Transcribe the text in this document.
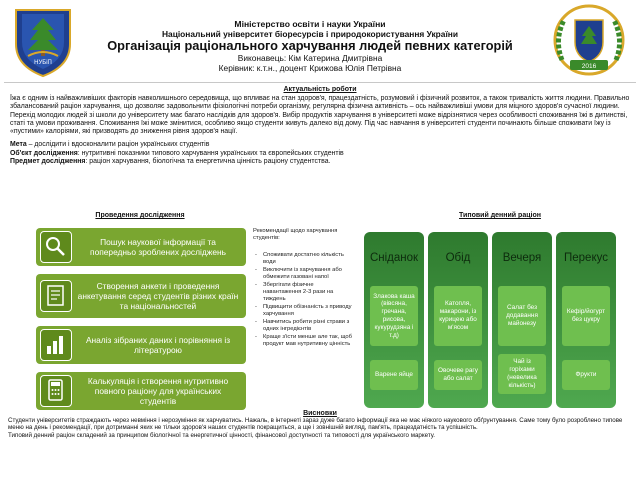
НУБіП	2016
Міністерство освіти і науки України
Національний університет біоресурсів і природокористування України
Організація раціонального харчування людей певних категорій
Виконавець: Кім Катерина Дмитрівна
Керівник: к.т.н., доцент Крижова Юлія Петрівна
Актуальність роботи

Їжа є одним із найважливіших факторів навколишнього середовища, що впливає на стан здоров'я, працездатність, розумовий і фізичний розвиток, а також тривалість життя людини. Правильно збалансований раціон харчування, що дозволяє задовольнити фізіологічні потреби організму, регулярна фізична активність – ось найважливіші умови для міцного здоров'я сучасної людини.

Перехід молодих людей зі школи до університету має багато наслідків для здоров'я. Вибір продуктів харчування в університеті може відрізнятися через особливості споживання їжі в дитинстві, статі та умови проживання. Споживання їжі може змінитися, особливо якщо студенти живуть далеко від дому. Під час навчання в університеті студенти починають більше споживати їжу із «пустими» калоріями, які призводять до зниження рівня здоров'я нації.

Мета – дослідити і вдосконалити раціон українських студентів

Об'єкт дослідження: нутритивні показники типового харчування українських та європейських студентів

Предмет дослідження: раціон харчування, біологічна та енергетична цінність раціону студентства.

Проведення дослідження
Пошук наукової інформації та попередньо зроблених досліджень
Створення анкети і проведення анкетування серед студентів різних країн та національностей
Аналіз зібраних даних і порівняння із літературою
Калькуляція і створення нутритивно повного раціону для українських студентів
Рекомендації щодо харчування студентів:
- Споживати достатню кількість води
- Виключити із харчування або обмежити газовані напої
- Збергігати фізичне навантаження 2-3 рази на тиждень
- Підвищити обізнаність з приводу харчування
- Навчитись робити різні страви з одних інгредієнтів
- Краще з'істи менше але так, щоб продукт мав нутритивну цінність
Типовий денний раціон
Сніданок
Злакова каша (вівсяна, гречана, рисова, кукурудзяна і т.д)
Варене яйце
Обід
Катопля, макарони, із курицею або м'ясом
Овочеве рагу або салат
Вечеря
Салат без додавання майонезу
Чай із горіхами (невелика кількість)
Перекус
Кефір/йогурт без цукру
Фрукти
Висновки

Студенти університетів страждають через невміння і нерозуміння як харчуватись. Нажаль, в інтернеті зараз дуже багато інформації яка не має ніякого наукового обґрунтування. Саме тому було розроблено типове меню на день і рекомендації, при дотриманні яких не тільки здоров'я наших студентів покращиться, а ще і зовнішній вигляд, пам'ять, працездатність та успішність.

Типовий денний раціон складений за принципом біологічної та енергетичної цінності, фінансової доступності та типовості для українського маркету.
